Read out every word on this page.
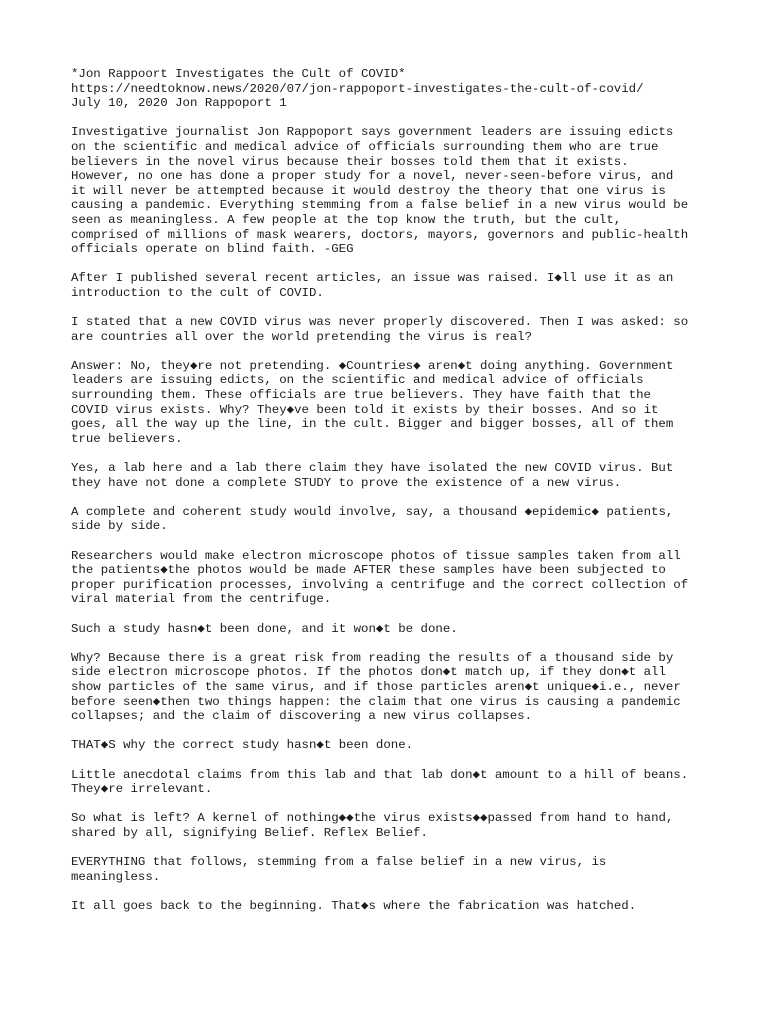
*Jon Rappoort Investigates the Cult of COVID*
https://needtoknow.news/2020/07/jon-rappoport-investigates-the-cult-of-covid/
July 10, 2020 Jon Rappoport 1
Investigative journalist Jon Rappoport says government leaders are issuing edicts
on the scientific and medical advice of officials surrounding them who are true
believers in the novel virus because their bosses told them that it exists.
However, no one has done a proper study for a novel, never-seen-before virus, and
it will never be attempted because it would destroy the theory that one virus is
causing a pandemic. Everything stemming from a false belief in a new virus would be
seen as meaningless. A few people at the top know the truth, but the cult,
comprised of millions of mask wearers, doctors, mayors, governors and public-health
officials operate on blind faith. -GEG
After I published several recent articles, an issue was raised. I◆ll use it as an
introduction to the cult of COVID.
I stated that a new COVID virus was never properly discovered. Then I was asked: so
are countries all over the world pretending the virus is real?
Answer: No, they◆re not pretending. ◆Countries◆ aren◆t doing anything. Government
leaders are issuing edicts, on the scientific and medical advice of officials
surrounding them. These officials are true believers. They have faith that the
COVID virus exists. Why? They◆ve been told it exists by their bosses. And so it
goes, all the way up the line, in the cult. Bigger and bigger bosses, all of them
true believers.
Yes, a lab here and a lab there claim they have isolated the new COVID virus. But
they have not done a complete STUDY to prove the existence of a new virus.
A complete and coherent study would involve, say, a thousand ◆epidemic◆ patients,
side by side.
Researchers would make electron microscope photos of tissue samples taken from all
the patients◆the photos would be made AFTER these samples have been subjected to
proper purification processes, involving a centrifuge and the correct collection of
viral material from the centrifuge.
Such a study hasn◆t been done, and it won◆t be done.
Why? Because there is a great risk from reading the results of a thousand side by
side electron microscope photos. If the photos don◆t match up, if they don◆t all
show particles of the same virus, and if those particles aren◆t unique◆i.e., never
before seen◆then two things happen: the claim that one virus is causing a pandemic
collapses; and the claim of discovering a new virus collapses.
THAT◆S why the correct study hasn◆t been done.
Little anecdotal claims from this lab and that lab don◆t amount to a hill of beans.
They◆re irrelevant.
So what is left? A kernel of nothing◆◆the virus exists◆◆passed from hand to hand,
shared by all, signifying Belief. Reflex Belief.
EVERYTHING that follows, stemming from a false belief in a new virus, is
meaningless.
It all goes back to the beginning. That◆s where the fabrication was hatched.
